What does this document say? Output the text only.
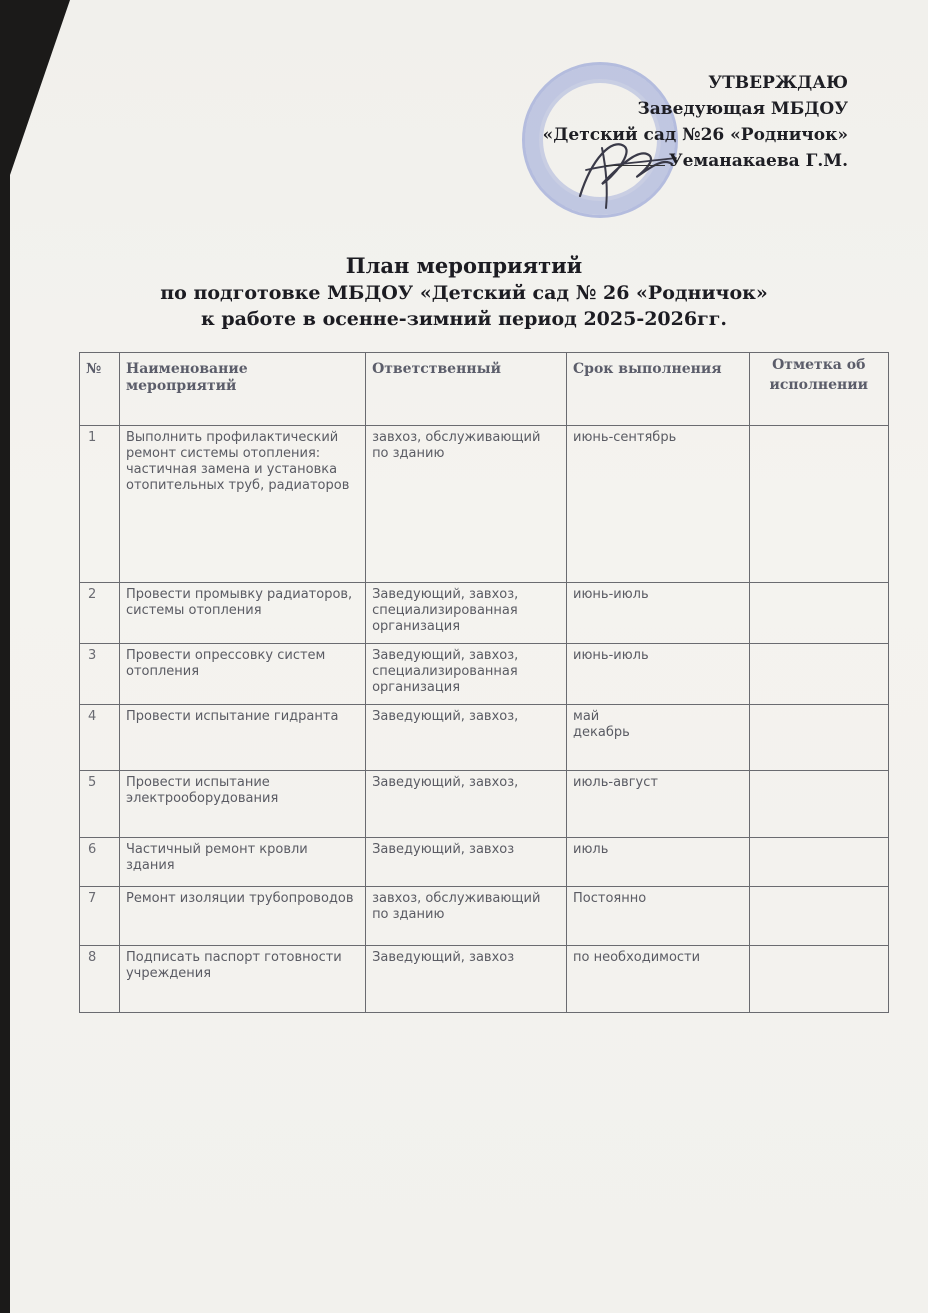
УТВЕРЖДАЮ
Заведующая МБДОУ
«Детский сад №26 «Родничок»
Уеманакаева Г.М.
План мероприятий
по подготовке МБДОУ «Детский сад № 26 «Родничок»
к работе в осенне-зимний период 2025-2026гг.
№	Наименование мероприятий	Ответственный	Срок выполнения	Отметка об исполнении
1	Выполнить профилактический ремонт системы отопления: частичная замена и установка отопительных труб, радиаторов	завхоз, обслуживающий по зданию	июнь-сентябрь	
2	Провести промывку радиаторов, системы отопления	Заведующий, завхоз, специализированная организация	июнь-июль	
3	Провести опрессовку систем отопления	Заведующий, завхоз, специализированная организация	июнь-июль	
4	Провести испытание гидранта	Заведующий, завхоз,	май
декабрь	
5	Провести испытание электрооборудования	Заведующий, завхоз,	июль-август	
6	Частичный ремонт кровли здания	Заведующий, завхоз	июль	
7	Ремонт изоляции трубопроводов	завхоз, обслуживающий по зданию	Постоянно	
8	Подписать паспорт готовности учреждения	Заведующий, завхоз	по необходимости	
